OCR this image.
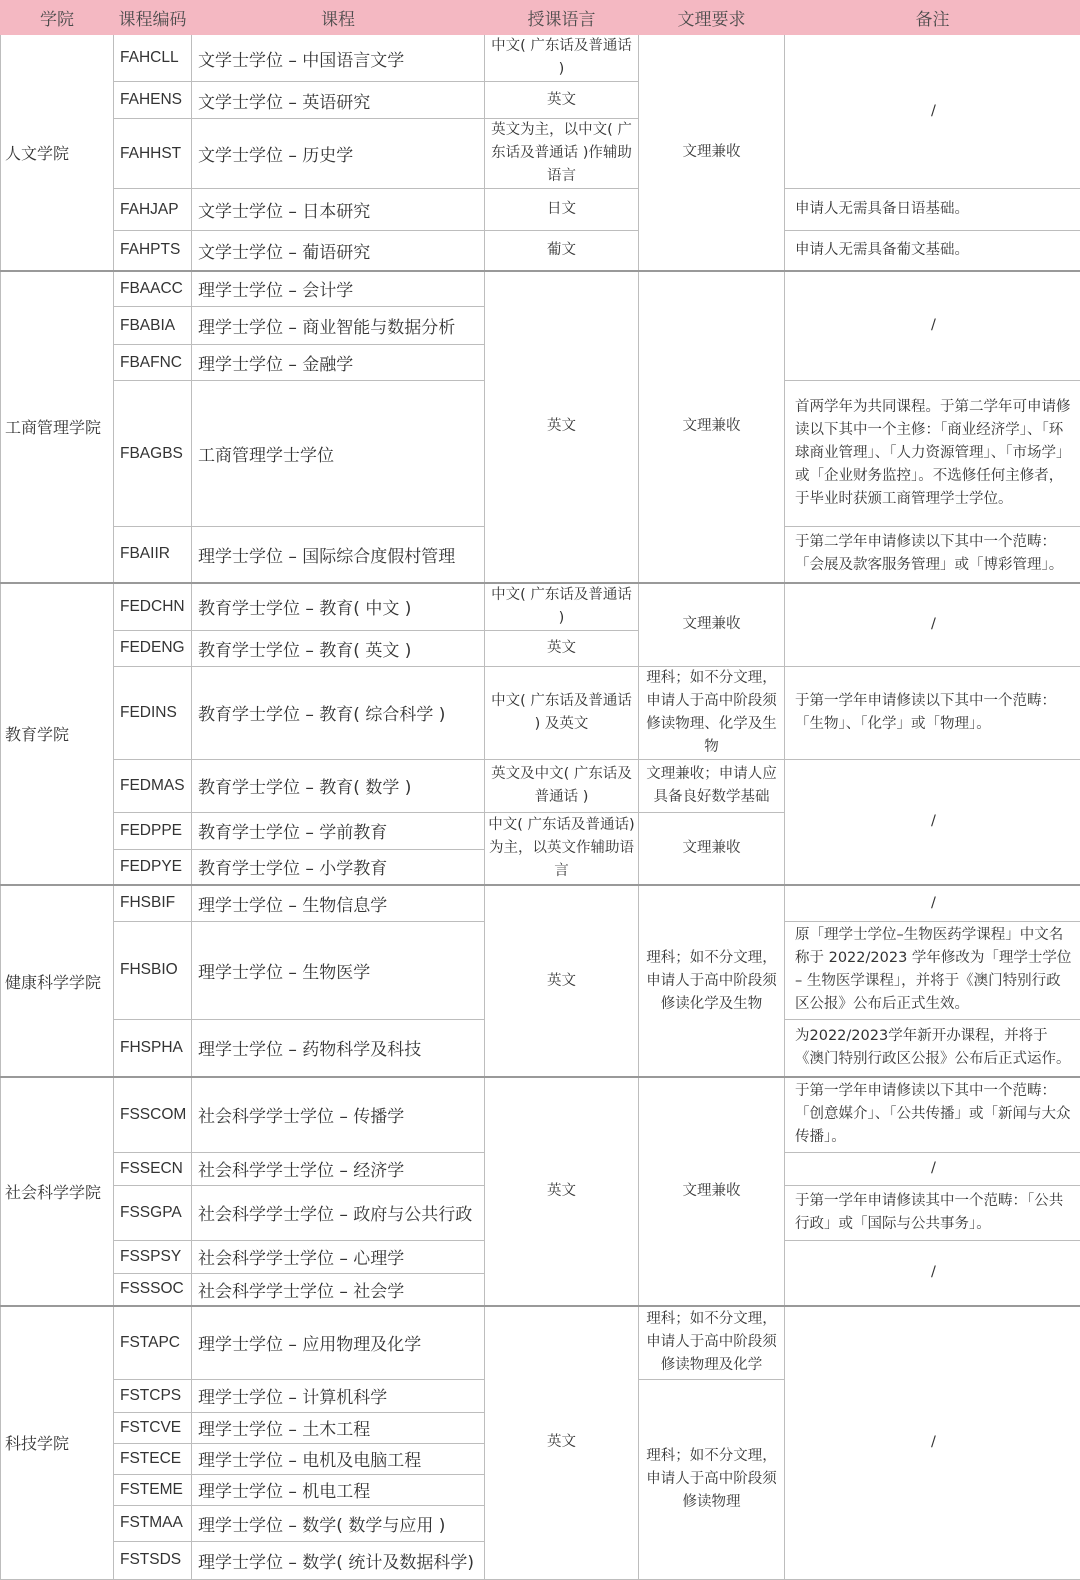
学院	课程编码	课程	授课语言	文理要求	备注
人文学院	FAHCLL	文学士学位 – 中国语言文学	中文( 广东话及普通话 )	文理兼收	/
	FAHENS	文学士学位 – 英语研究	英文		
	FAHHST	文学士学位 – 历史学	英文为主，以中文( 广东话及普通话 )作辅助语言		
	FAHJAP	文学士学位 – 日本研究	日文		申请人无需具备日语基础。
	FAHPTS	文学士学位 – 葡语研究	葡文		申请人无需具备葡文基础。
工商管理学院	FBAACC	理学士学位 – 会计学	英文	文理兼收	/
	FBABIA	理学士学位 – 商业智能与数据分析			
	FBAFNC	理学士学位 – 金融学			
	FBAGBS	工商管理学士学位			首两学年为共同课程。于第二学年可申请修读以下其中一个主修：「商业经济学」、「环球商业管理」、「人力资源管理」、「市场学」或「企业财务监控」。不选修任何主修者，于毕业时获颁工商管理学士学位。
	FBAIIR	理学士学位 – 国际综合度假村管理			于第二学年申请修读以下其中一个范畴：「会展及款客服务管理」或「博彩管理」。
教育学院	FEDCHN	教育学士学位 – 教育( 中文 )	中文( 广东话及普通话 )	文理兼收	/
	FEDENG	教育学士学位 – 教育( 英文 )	英文		
	FEDINS	教育学士学位 – 教育( 综合科学 )	中文( 广东话及普通话 ) 及英文	理科；如不分文理，申请人于高中阶段须修读物理、化学及生物	于第一学年申请修读以下其中一个范畴：「生物」、「化学」或「物理」。
	FEDMAS	教育学士学位 – 教育( 数学 )	英文及中文( 广东话及普通话 )	文理兼收；申请人应具备良好数学基础	/
	FEDPPE	教育学士学位 – 学前教育	中文( 广东话及普通话)为主，以英文作辅助语言	文理兼收	
	FEDPYE	教育学士学位 – 小学教育			
健康科学学院	FHSBIF	理学士学位 – 生物信息学	英文	理科；如不分文理，申请人于高中阶段须修读化学及生物	/
	FHSBIO	理学士学位 – 生物医学			原「理学士学位–生物医药学课程」中文名称于 2022/2023 学年修改为「理学士学位 – 生物医学课程」，并将于《澳门特别行政区公报》公布后正式生效。
	FHSPHA	理学士学位 – 药物科学及科技			为2022/2023学年新开办课程，并将于《澳门特别行政区公报》公布后正式运作。
社会科学学院	FSSCOM	社会科学学士学位 – 传播学	英文	文理兼收	于第一学年申请修读以下其中一个范畴：「创意媒介」、「公共传播」或「新闻与大众传播」。
	FSSECN	社会科学学士学位 – 经济学			/
	FSSGPA	社会科学学士学位 – 政府与公共行政			于第一学年申请修读其中一个范畴：「公共行政」或「国际与公共事务」。
	FSSPSY	社会科学学士学位 – 心理学			/
	FSSSOC	社会科学学士学位 – 社会学			
科技学院	FSTAPC	理学士学位 – 应用物理及化学	英文	理科；如不分文理，申请人于高中阶段须修读物理及化学	/
	FSTCPS	理学士学位 – 计算机科学		理科；如不分文理，申请人于高中阶段须修读物理	
	FSTCVE	理学士学位 – 土木工程			
	FSTECE	理学士学位 – 电机及电脑工程			
	FSTEME	理学士学位 – 机电工程			
	FSTMAA	理学士学位 – 数学( 数学与应用 )			
	FSTSDS	理学士学位 – 数学( 统计及数据科学)			
